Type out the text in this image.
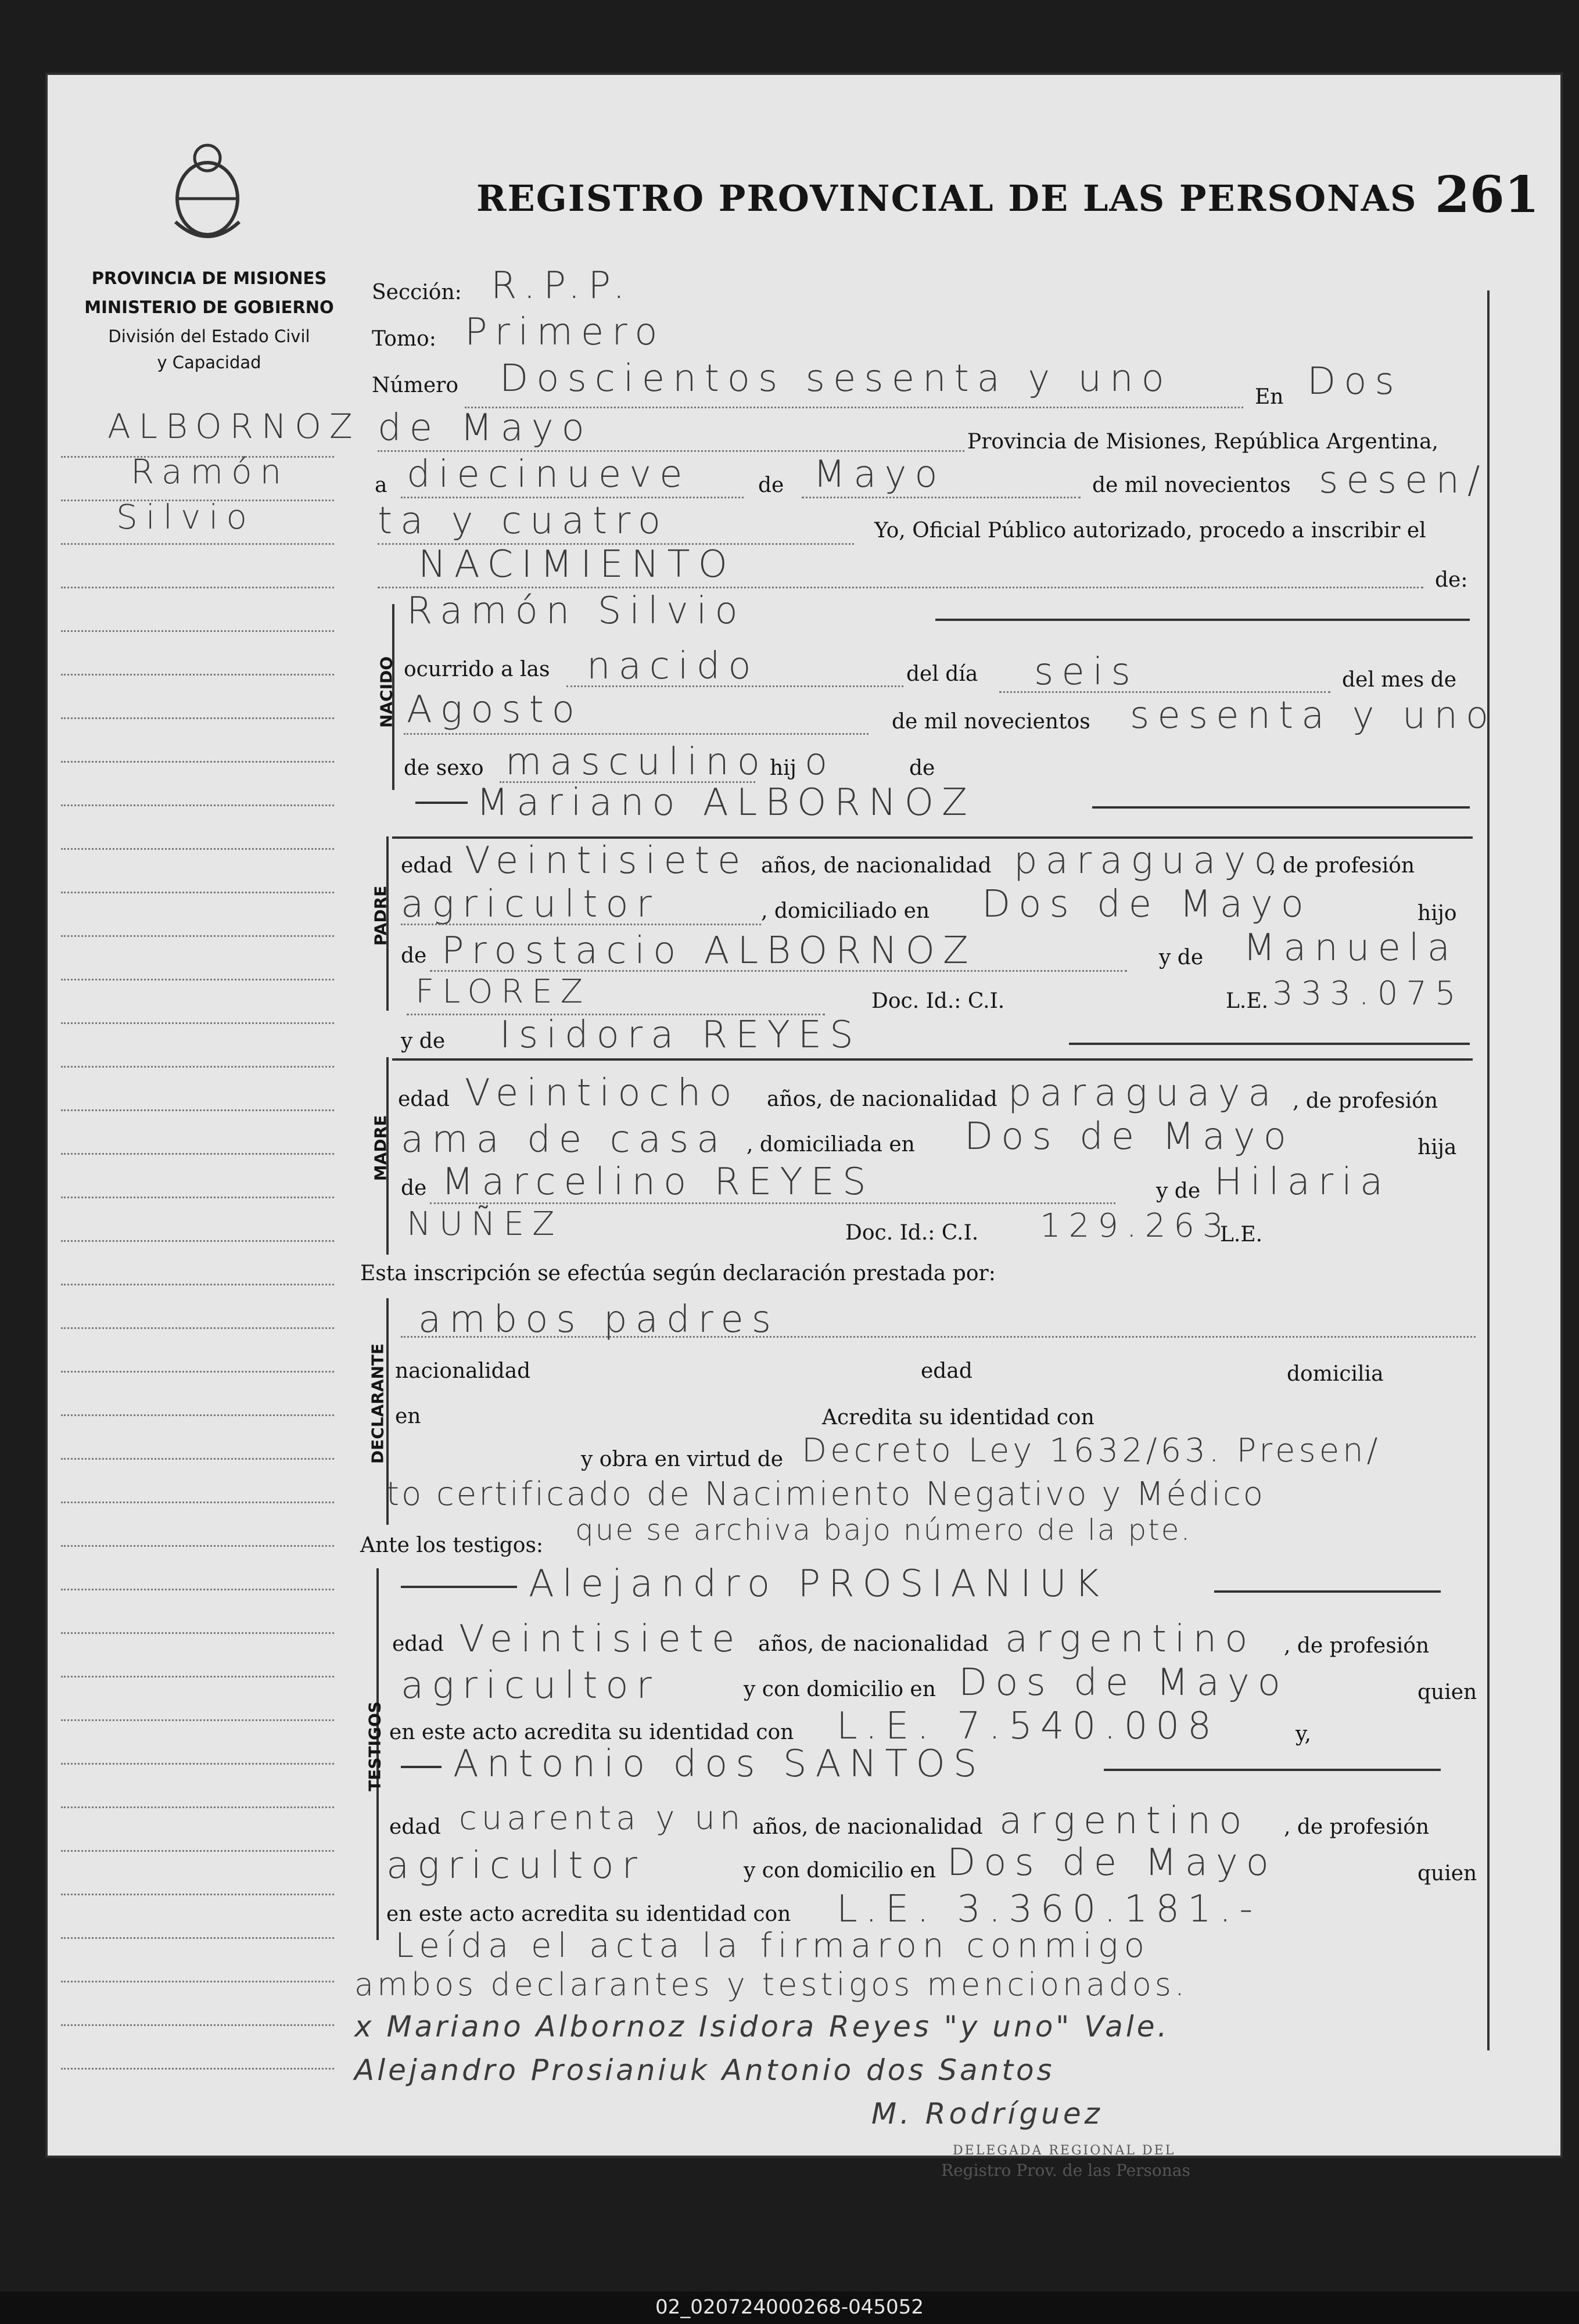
REGISTRO PROVINCIAL DE LAS PERSONAS 261
PROVINCIA DE MISIONES
MINISTERIO DE GOBIERNO
División del Estado Civil
y Capacidad
ALBORNOZ
Ramón
Silvio
Sección: R.P.P.
Tomo: Primero
Número Doscientos sesenta y uno	En Dos
de Mayo	Provincia de Misiones, República Argentina,
a diecinueve	de Mayo	de mil novecientos sesen/
ta y cuatro	Yo, Oficial Público autorizado, procedo a inscribir el
NACIMIENTO	de:
NACIDO
Ramón Silvio
ocurrido a las nacido	del día seis	del mes de
Agosto	de mil novecientos sesenta y uno
de sexo masculino hij o	de
PADRE
Mariano ALBORNOZ
edad Veintisiete años, de nacionalidad paraguayo
, de profesión
agricultor	, domiciliado en Dos de Mayo	hijo
de Prostacio ALBORNOZ	y de Manuela
FLOREZ	Doc. Id.: C.I.	L.E. 333.075
MADRE
y de Isidora REYES
edad Veintiocho años, de nacionalidad paraguaya , de profesión
ama de casa , domiciliada en Dos de Mayo	hija
de Marcelino REYES	y de Hilaria
NUÑEZ	Doc. Id.: C.I. 129.263
L.E.
Esta inscripción se efectúa según declaración prestada por:
DECLARANTE
ambos padres
nacionalidad	edad	domicilia
en	Acredita su identidad con
y obra en virtud de Decreto Ley 1632/63. Presen/
to certificado de Nacimiento Negativo y Médico
que se archiva bajo número de la pte.
Ante los testigos:
TESTIGOS
Alejandro PROSIANIUK
edad Veintisiete años, de nacionalidad argentino , de profesión
agricultor	y con domicilio en Dos de Mayo	quien
en este acto acredita su identidad con L.E. 7.540.008	y,
Antonio dos SANTOS
edad cuarenta y un años, de nacionalidad argentino , de profesión
agricultor	y con domicilio en Dos de Mayo	quien
en este acto acredita su identidad con L.E. 3.360.181.-
Leída el acta la firmaron conmigo
ambos declarantes y testigos mencionados.
x Mariano Albornoz Isidora Reyes "y uno" Vale.
Alejandro Prosianiuk Antonio dos Santos
M. Rodríguez
DELEGADA REGIONAL DEL
Registro Prov. de las Personas
02_020724000268-045052
